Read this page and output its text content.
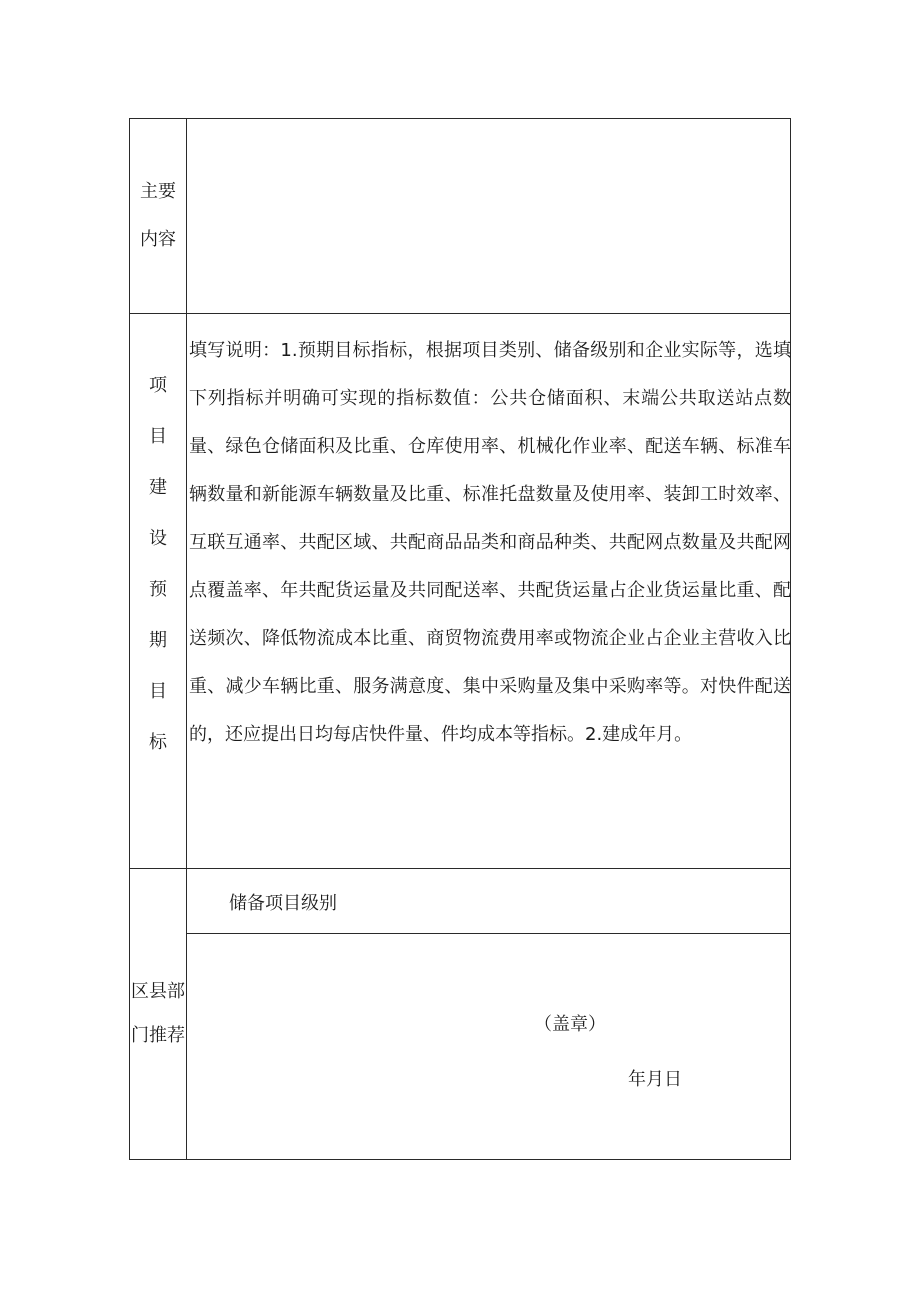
主要
内容
项
目
建
设
预
期
目
标
填写说明：1.预期目标指标，根据项目类别、储备级别和企业实际等，选填下列指标并明确可实现的指标数值：公共仓储面积、末端公共取送站点数量、绿色仓储面积及比重、仓库使用率、机械化作业率、配送车辆、标准车辆数量和新能源车辆数量及比重、标准托盘数量及使用率、装卸工时效率、互联互通率、共配区域、共配商品品类和商品种类、共配网点数量及共配网点覆盖率、年共配货运量及共同配送率、共配货运量占企业货运量比重、配送频次、降低物流成本比重、商贸物流费用率或物流企业占企业主营收入比重、减少车辆比重、服务满意度、集中采购量及集中采购率等。对快件配送的，还应提出日均每店快件量、件均成本等指标。2.建成年月。
区县部
门推荐
储备项目级别
（盖章）
年月日
